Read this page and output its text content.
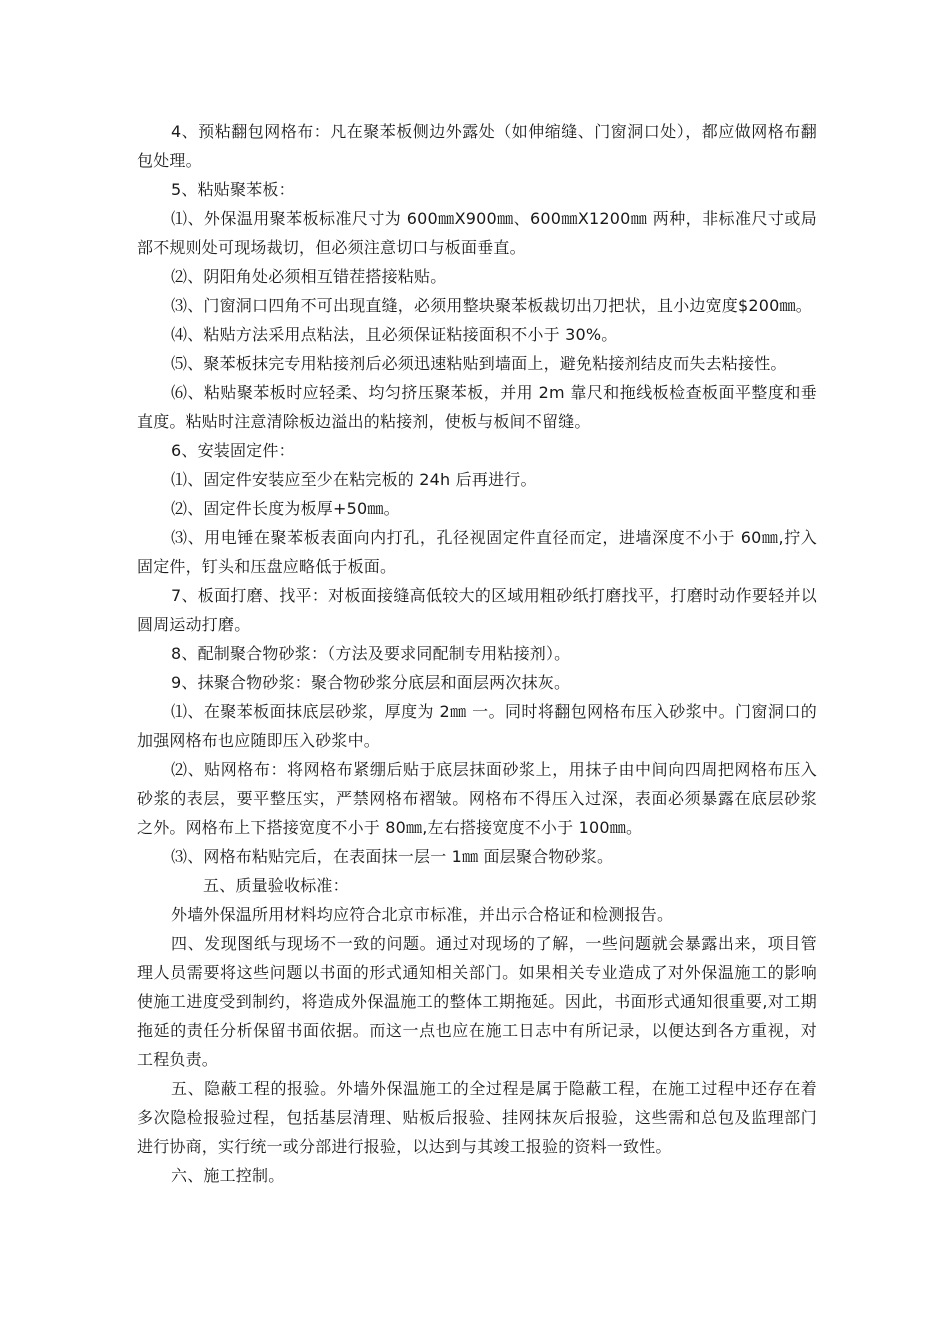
4、预粘翻包网格布：凡在聚苯板侧边外露处（如伸缩缝、门窗洞口处），都应做网格布翻包处理。

5、粘贴聚苯板：

⑴、外保温用聚苯板标准尺寸为 600㎜X900㎜、600㎜X1200㎜ 两种，非标准尺寸或局部不规则处可现场裁切，但必须注意切口与板面垂直。

⑵、阴阳角处必须相互错茬搭接粘贴。

⑶、门窗洞口四角不可出现直缝，必须用整块聚苯板裁切出刀把状，且小边宽度$200㎜。

⑷、粘贴方法采用点粘法，且必须保证粘接面积不小于 30%。

⑸、聚苯板抹完专用粘接剂后必须迅速粘贴到墙面上，避免粘接剂结皮而失去粘接性。

⑹、粘贴聚苯板时应轻柔、均匀挤压聚苯板，并用 2m 靠尺和拖线板检查板面平整度和垂直度。粘贴时注意清除板边溢出的粘接剂，使板与板间不留缝。

6、安装固定件：

⑴、固定件安装应至少在粘完板的 24h 后再进行。

⑵、固定件长度为板厚+50㎜。

⑶、用电锤在聚苯板表面向内打孔，孔径视固定件直径而定，进墙深度不小于 60㎜,拧入固定件，钉头和压盘应略低于板面。

7、板面打磨、找平：对板面接缝高低较大的区域用粗砂纸打磨找平，打磨时动作要轻并以圆周运动打磨。

8、配制聚合物砂浆：（方法及要求同配制专用粘接剂）。

9、抹聚合物砂浆：聚合物砂浆分底层和面层两次抹灰。

⑴、在聚苯板面抹底层砂浆，厚度为 2㎜ 一。同时将翻包网格布压入砂浆中。门窗洞口的加强网格布也应随即压入砂浆中。

⑵、贴网格布：将网格布紧绷后贴于底层抹面砂浆上，用抹子由中间向四周把网格布压入砂浆的表层，要平整压实，严禁网格布褶皱。网格布不得压入过深，表面必须暴露在底层砂浆之外。网格布上下搭接宽度不小于 80㎜,左右搭接宽度不小于 100㎜。

⑶、网格布粘贴完后，在表面抹一层一 1㎜ 面层聚合物砂浆。

五、质量验收标准：

外墙外保温所用材料均应符合北京市标准，并出示合格证和检测报告。

四、发现图纸与现场不一致的问题。通过对现场的了解，一些问题就会暴露出来，项目管理人员需要将这些问题以书面的形式通知相关部门。如果相关专业造成了对外保温施工的影响使施工进度受到制约，将造成外保温施工的整体工期拖延。因此，书面形式通知很重要,对工期拖延的责任分析保留书面依据。而这一点也应在施工日志中有所记录，以便达到各方重视，对工程负责。

五、隐蔽工程的报验。外墙外保温施工的全过程是属于隐蔽工程，在施工过程中还存在着多次隐检报验过程，包括基层清理、贴板后报验、挂网抹灰后报验，这些需和总包及监理部门进行协商，实行统一或分部进行报验，以达到与其竣工报验的资料一致性。

六、施工控制。
